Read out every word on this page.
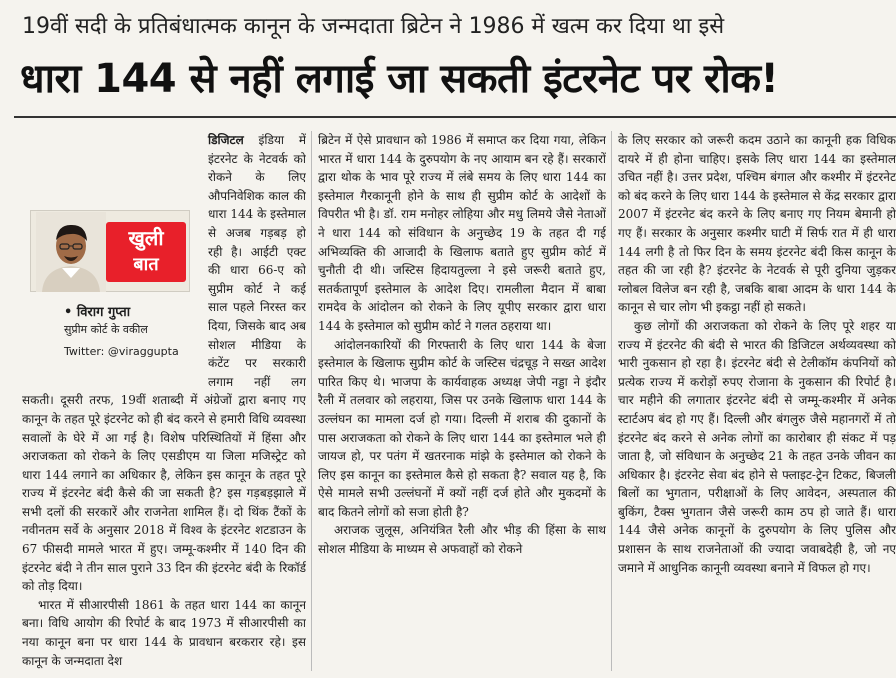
19वीं सदी के प्रतिबंधात्मक कानून के जन्मदाता ब्रिटेन ने 1986 में खत्म कर दिया था इसे
धारा 144 से नहीं लगाई जा सकती इंटरनेट पर रोक!
खुली
बात
• विराग गुप्ता
सुप्रीम कोर्ट के वकील
Twitter: @viraggupta

डिजिटल इंडिया में इंटरनेट के नेटवर्क को रोकने के लिए औपनिवेशिक काल की धारा 144 के इस्तेमाल से अजब गड़बड़ हो रही है। आईटी एक्ट की धारा 66-ए को सुप्रीम कोर्ट ने कई साल पहले निरस्त कर दिया, जिसके बाद अब सोशल मीडिया के कंटेंट पर सरकारी लगाम नहीं लग सकती। दूसरी तरफ, 19वीं शताब्दी में अंग्रेजों द्वारा बनाए गए कानून के तहत पूरे इंटरनेट को ही बंद करने से हमारी विधि व्यवस्था सवालों के घेरे में आ गई है। विशेष परिस्थितियों में हिंसा और अराजकता को रोकने के लिए एसडीएम या जिला मजिस्ट्रेट को धारा 144 लगाने का अधिकार है, लेकिन इस कानून के तहत पूरे राज्य में इंटरनेट बंदी कैसे की जा सकती है? इस गड़बड़झाले में सभी दलों की सरकारें और राजनेता शामिल हैं। दो थिंक टैंकों के नवीनतम सर्वे के अनुसार 2018 में विश्व के इंटरनेट शटडाउन के 67 फीसदी मामले भारत में हुए। जम्मू-कश्मीर में 140 दिन की इंटरनेट बंदी ने तीन साल पुराने 33 दिन की इंटरनेट बंदी के रिकॉर्ड को तोड़ दिया।

भारत में सीआरपीसी 1861 के तहत धारा 144 का कानून बना। विधि आयोग की रिपोर्ट के बाद 1973 में सीआरपीसी का नया कानून बना पर धारा 144 के प्रावधान बरकरार रहे। इस कानून के जन्मदाता देश

ब्रिटेन में ऐसे प्रावधान को 1986 में समाप्त कर दिया गया, लेकिन भारत में धारा 144 के दुरुपयोग के नए आयाम बन रहे हैं। सरकारों द्वारा थोक के भाव पूरे राज्य में लंबे समय के लिए धारा 144 का इस्तेमाल गैरकानूनी होने के साथ ही सुप्रीम कोर्ट के आदेशों के विपरीत भी है। डॉ. राम मनोहर लोहिया और मधु लिमये जैसे नेताओं ने धारा 144 को संविधान के अनुच्छेद 19 के तहत दी गई अभिव्यक्ति की आजादी के खिलाफ बताते हुए सुप्रीम कोर्ट में चुनौती दी थी। जस्टिस हिदायतुल्ला ने इसे जरूरी बताते हुए, सतर्कतापूर्ण इस्तेमाल के आदेश दिए। रामलीला मैदान में बाबा रामदेव के आंदोलन को रोकने के लिए यूपीए सरकार द्वारा धारा 144 के इस्तेमाल को सुप्रीम कोर्ट ने गलत ठहराया था।

आंदोलनकारियों की गिरफ्तारी के लिए धारा 144 के बेजा इस्तेमाल के खिलाफ सुप्रीम कोर्ट के जस्टिस चंद्रचूड़ ने सख्त आदेश पारित किए थे। भाजपा के कार्यवाहक अध्यक्ष जेपी नड्डा ने इंदौर रैली में तलवार को लहराया, जिस पर उनके खिलाफ धारा 144 के उल्लंघन का मामला दर्ज हो गया। दिल्ली में शराब की दुकानों के पास अराजकता को रोकने के लिए धारा 144 का इस्तेमाल भले ही जायज हो, पर पतंग में खतरनाक मांझे के इस्तेमाल को रोकने के लिए इस कानून का इस्तेमाल कैसे हो सकता है? सवाल यह है, कि ऐसे मामले सभी उल्लंघनों में क्यों नहीं दर्ज होते और मुकदमों के बाद कितने लोगों को सजा होती है?

अराजक जुलूस, अनियंत्रित रैली और भीड़ की हिंसा के साथ सोशल मीडिया के माध्यम से अफवाहों को रोकने

के लिए सरकार को जरूरी कदम उठाने का कानूनी हक विधिक दायरे में ही होना चाहिए। इसके लिए धारा 144 का इस्तेमाल उचित नहीं है। उत्तर प्रदेश, पश्चिम बंगाल और कश्मीर में इंटरनेट को बंद करने के लिए धारा 144 के इस्तेमाल से केंद्र सरकार द्वारा 2007 में इंटरनेट बंद करने के लिए बनाए गए नियम बेमानी हो गए हैं। सरकार के अनुसार कश्मीर घाटी में सिर्फ रात में ही धारा 144 लगी है तो फिर दिन के समय इंटरनेट बंदी किस कानून के तहत की जा रही है? इंटरनेट के नेटवर्क से पूरी दुनिया जुड़कर ग्लोबल विलेज बन रही है, जबकि बाबा आदम के धारा 144 के कानून से चार लोग भी इकट्ठा नहीं हो सकते।

कुछ लोगों की अराजकता को रोकने के लिए पूरे शहर या राज्य में इंटरनेट की बंदी से भारत की डिजिटल अर्थव्यवस्था को भारी नुकसान हो रहा है। इंटरनेट बंदी से टेलीकॉम कंपनियों को प्रत्येक राज्य में करोड़ों रुपए रोजाना के नुकसान की रिपोर्ट है। चार महीने की लगातार इंटरनेट बंदी से जम्मू-कश्मीर में अनेक स्टार्टअप बंद हो गए हैं। दिल्ली और बंगलुरु जैसे महानगरों में तो इंटरनेट बंद करने से अनेक लोगों का कारोबार ही संकट में पड़ जाता है, जो संविधान के अनुच्छेद 21 के तहत उनके जीवन का अधिकार है। इंटरनेट सेवा बंद होने से फ्लाइट-ट्रेन टिकट, बिजली बिलों का भुगतान, परीक्षाओं के लिए आवेदन, अस्पताल की बुकिंग, टैक्स भुगतान जैसे जरूरी काम ठप हो जाते हैं। धारा 144 जैसे अनेक कानूनों के दुरुपयोग के लिए पुलिस और प्रशासन के साथ राजनेताओं की ज्यादा जवाबदेही है, जो नए जमाने में आधुनिक कानूनी व्यवस्था बनाने में विफल हो गए।
